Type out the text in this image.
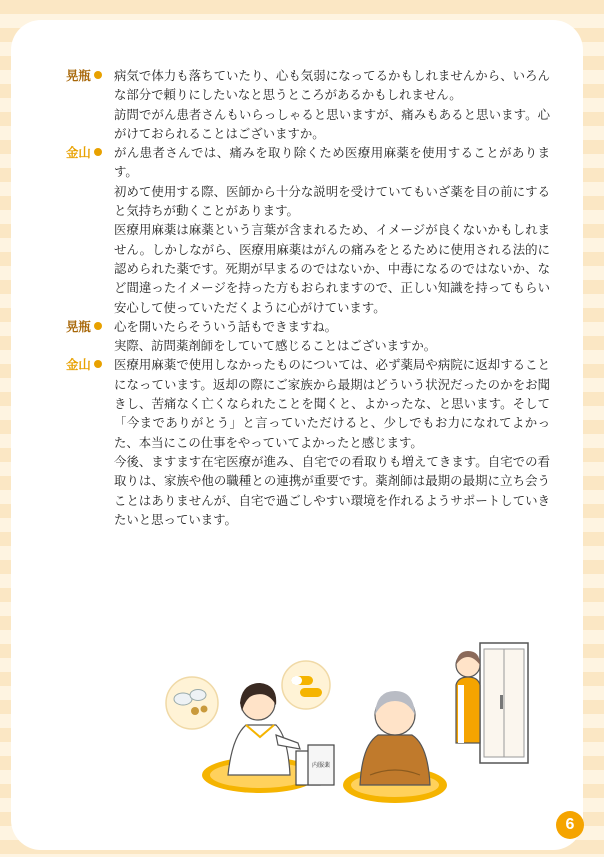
晃瓶	病気で体力も落ちていたり、心も気弱になってるかもしれませんから、いろんな部分で頼りにしたいなと思うところがあるかもしれません。

訪問でがん患者さんもいらっしゃると思いますが、痛みもあると思います。心がけておられることはございますか。

金山	がん患者さんでは、痛みを取り除くため医療用麻薬を使用することがあります。

初めて使用する際、医師から十分な説明を受けていてもいざ薬を目の前にすると気持ちが動くことがあります。

医療用麻薬は麻薬という言葉が含まれるため、イメージが良くないかもしれません。しかしながら、医療用麻薬はがんの痛みをとるために使用される法的に認められた薬です。死期が早まるのではないか、中毒になるのではないか、など間違ったイメージを持った方もおられますので、正しい知識を持ってもらい安心して使っていただくように心がけています。

晃瓶	心を開いたらそういう話もできますね。

実際、訪問薬剤師をしていて感じることはございますか。

金山	医療用麻薬で使用しなかったものについては、必ず薬局や病院に返却することになっています。返却の際にご家族から最期はどういう状況だったのかをお聞きし、苦痛なく亡くなられたことを聞くと、よかったな、と思います。そして「今までありがとう」と言っていただけると、少しでもお力になれてよかった、本当にこの仕事をやっていてよかったと感じます。

今後、ますます在宅医療が進み、自宅での看取りも増えてきます。自宅での看取りは、家族や他の職種との連携が重要です。薬剤師は最期の最期に立ち会うことはありませんが、自宅で過ごしやすい環境を作れるようサポートしていきたいと思っています。

内服薬
6
